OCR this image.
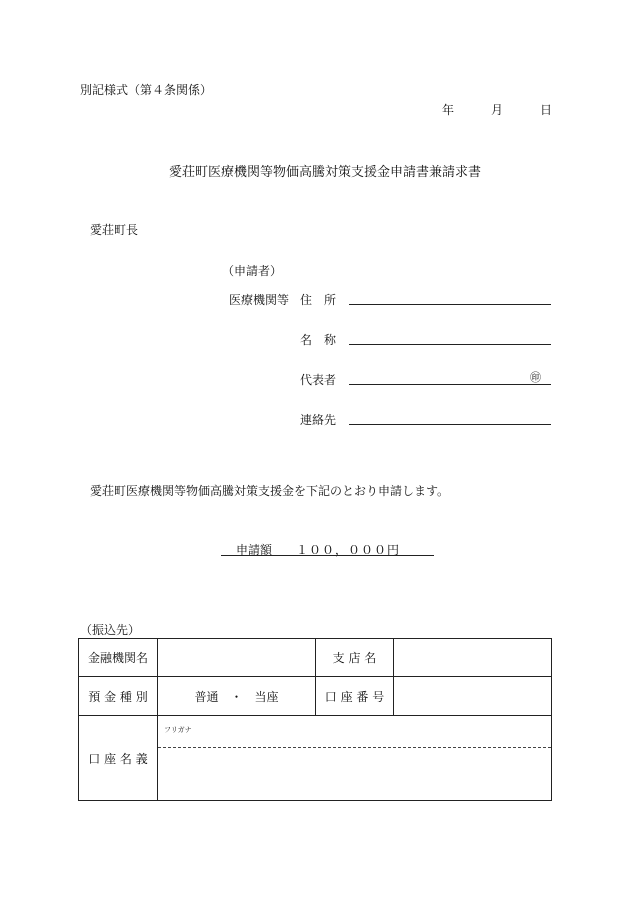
別記様式（第４条関係）
年	月	日
愛荘町医療機関等物価高騰対策支援金申請書兼請求書
愛荘町長
（申請者）
医療機関等 住　所
名　称
代表者	㊞
連絡先
愛荘町医療機関等物価高騰対策支援金を下記のとおり申請します。
申請額 １００，０００円
（振込先）
金融機関名		支 店 名	
預 金 種 別	普通　・　当座	口 座 番 号	
口 座 名 義	フリガナ		
